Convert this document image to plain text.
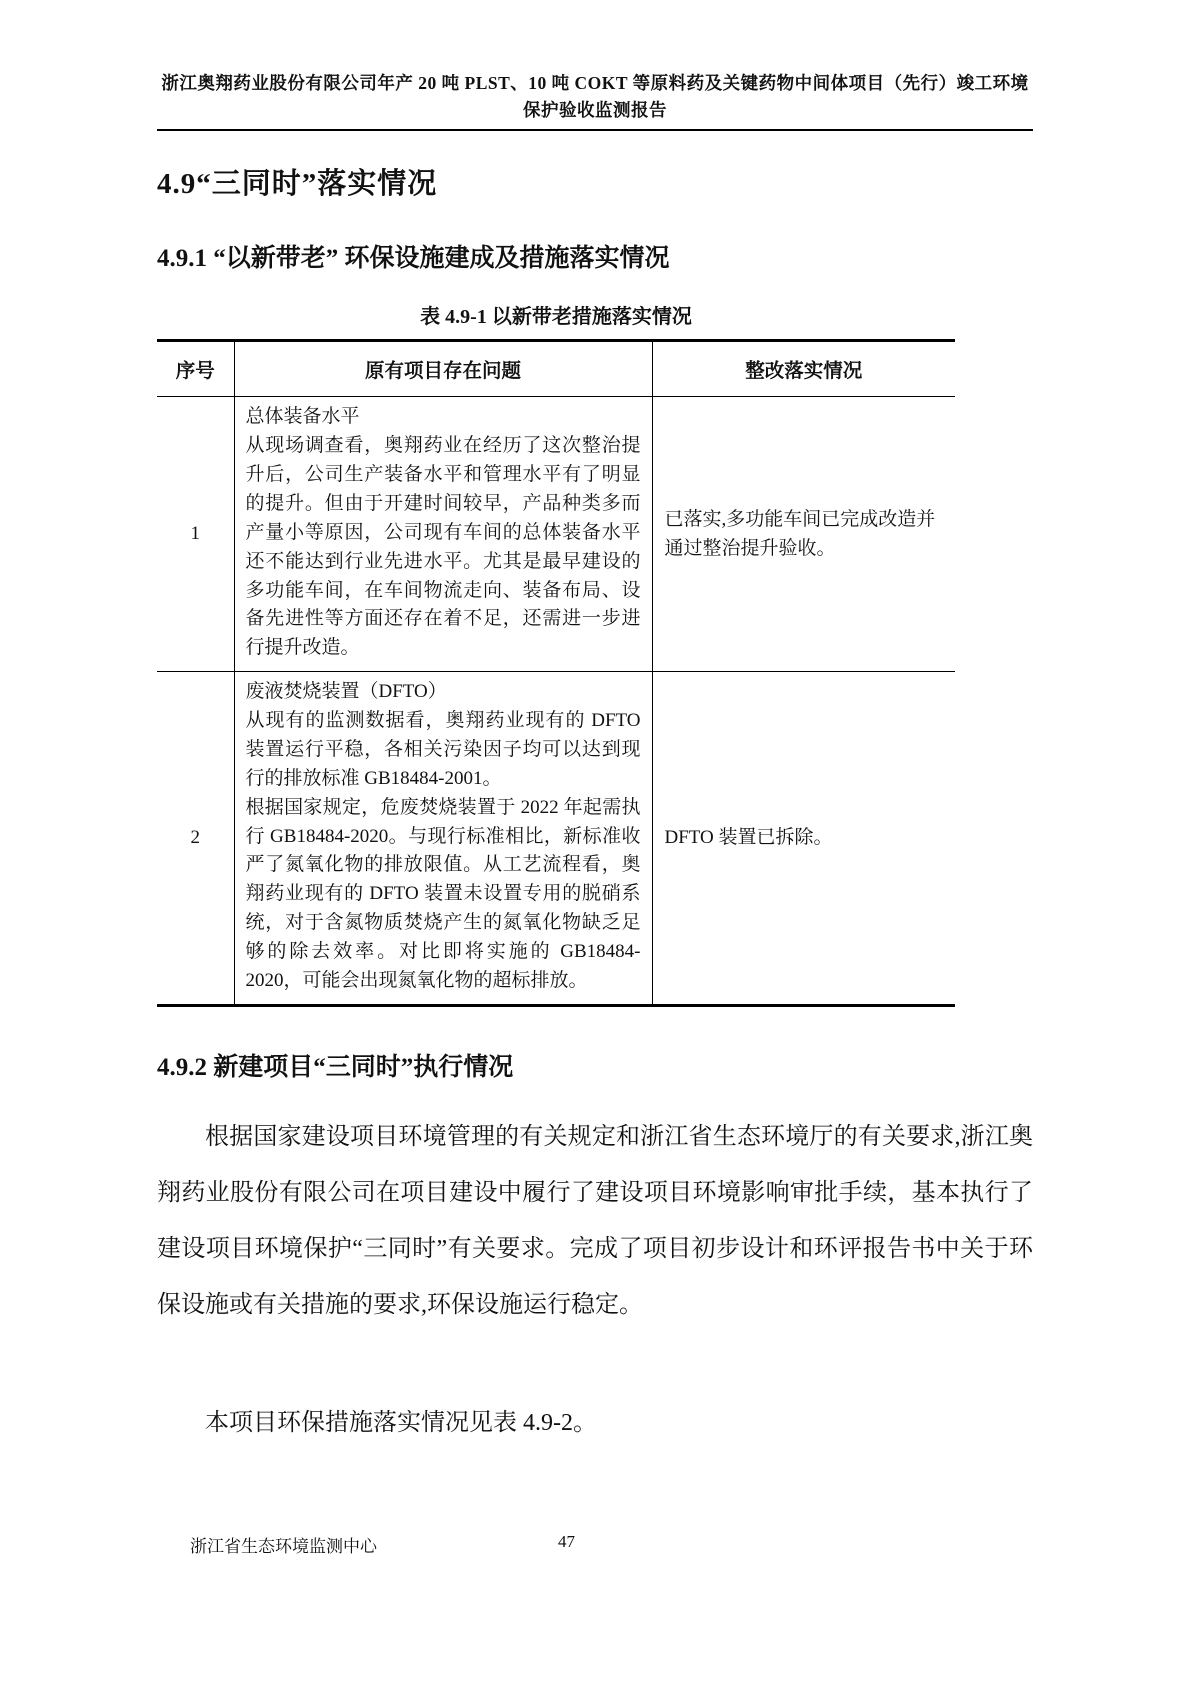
浙江奥翔药业股份有限公司年产 20 吨 PLST、10 吨 COKT 等原料药及关键药物中间体项目（先行）竣工环境保护验收监测报告
4.9“三同时”落实情况
4.9.1 “以新带老” 环保设施建成及措施落实情况
表 4.9-1 以新带老措施落实情况
序号	原有项目存在问题	整改落实情况
1	总体装备水平
从现场调查看，奥翔药业在经历了这次整治提升后，公司生产装备水平和管理水平有了明显的提升。但由于开建时间较早，产品种类多而产量小等原因，公司现有车间的总体装备水平还不能达到行业先进水平。尤其是最早建设的多功能车间，在车间物流走向、装备布局、设备先进性等方面还存在着不足，还需进一步进行提升改造。	已落实,多功能车间已完成改造并通过整治提升验收。
2	废液焚烧装置（DFTO）
从现有的监测数据看，奥翔药业现有的 DFTO 装置运行平稳，各相关污染因子均可以达到现行的排放标准 GB18484-2001。
根据国家规定，危废焚烧装置于 2022 年起需执行 GB18484-2020。与现行标准相比，新标准收严了氮氧化物的排放限值。从工艺流程看，奥翔药业现有的 DFTO 装置未设置专用的脱硝系统，对于含氮物质焚烧产生的氮氧化物缺乏足够的除去效率。对比即将实施的 GB18484-2020，可能会出现氮氧化物的超标排放。	DFTO 装置已拆除。
4.9.2 新建项目“三同时”执行情况

根据国家建设项目环境管理的有关规定和浙江省生态环境厅的有关要求,浙江奥翔药业股份有限公司在项目建设中履行了建设项目环境影响审批手续，基本执行了建设项目环境保护“三同时”有关要求。完成了项目初步设计和环评报告书中关于环保设施或有关措施的要求,环保设施运行稳定。

本项目环保措施落实情况见表 4.9-2。

浙江省生态环境监测中心	47
